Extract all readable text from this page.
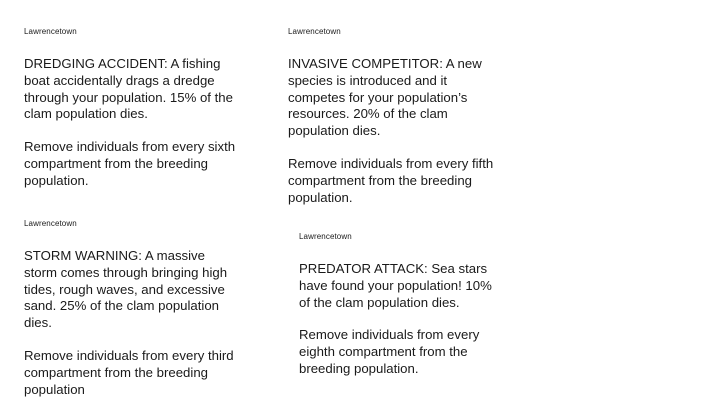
Lawrencetown

DREDGING ACCIDENT: A fishing boat accidentally drags a dredge through your population. 15% of the clam population dies.

Remove individuals from every sixth compartment from the breeding population.

Lawrencetown

INVASIVE COMPETITOR: A new species is introduced and it competes for your population’s resources. 20% of the clam population dies.

Remove individuals from every fifth compartment from the breeding population.

Lawrencetown

STORM WARNING: A massive storm comes through bringing high tides, rough waves, and excessive sand. 25% of the clam population dies.

Remove individuals from every third compartment from the breeding population

Lawrencetown

PREDATOR ATTACK: Sea stars have found your population! 10% of the clam population dies.

Remove individuals from every eighth compartment from the breeding population.
